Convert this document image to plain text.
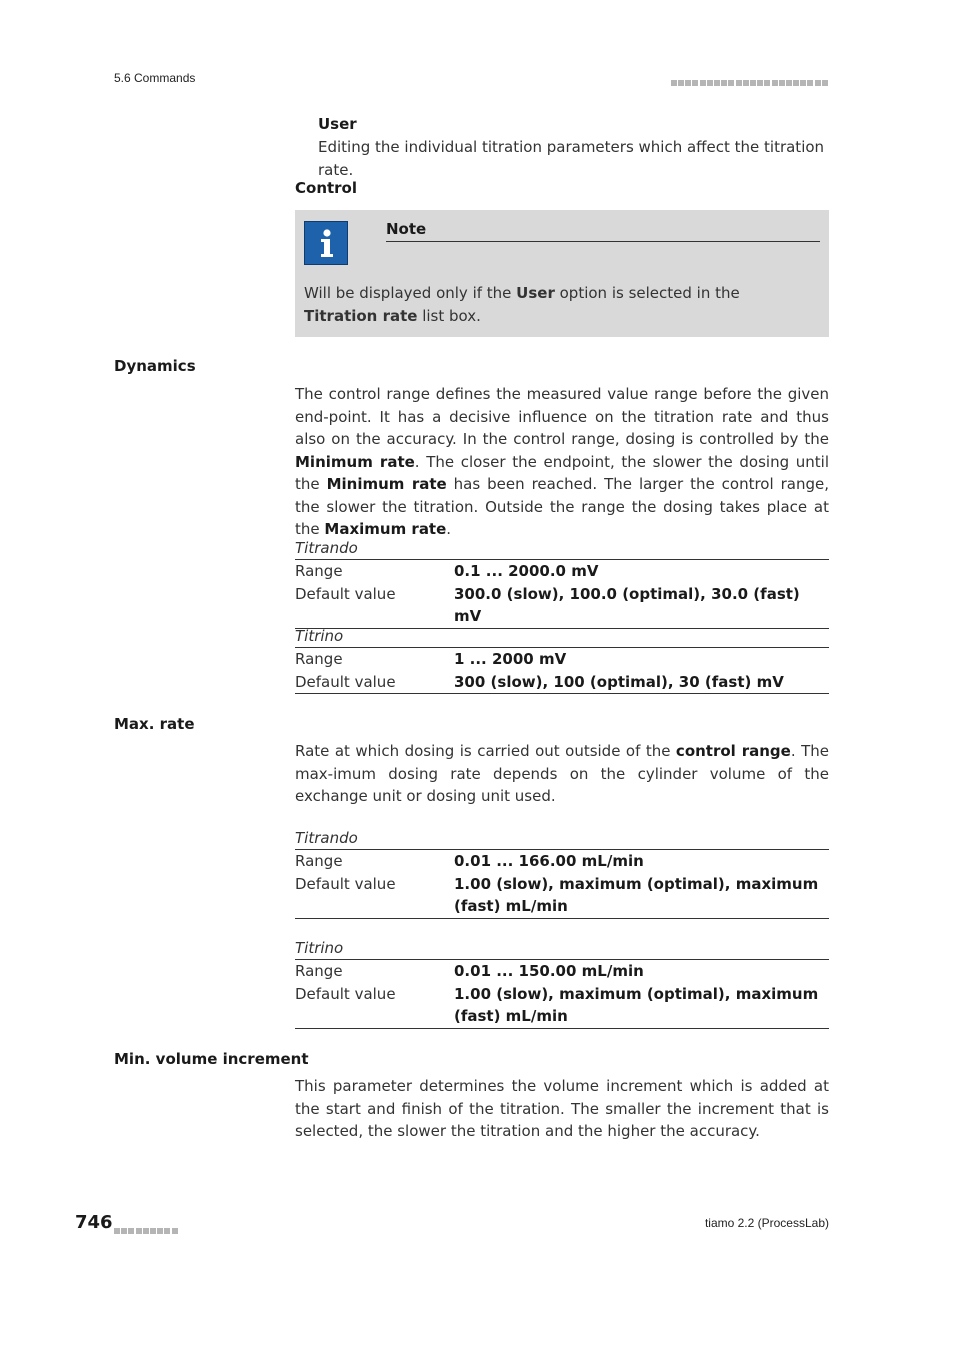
5.6 Commands
User
Editing the individual titration parameters which affect the titration rate.
Control
Note
Will be displayed only if the User option is selected in the Titration rate list box.
Dynamics
The control range defines the measured value range before the given end-point. It has a decisive influence on the titration rate and thus also on the accuracy. In the control range, dosing is controlled by the Minimum rate. The closer the endpoint, the slower the dosing until the Minimum rate has been reached. The larger the control range, the slower the titration. Outside the range the dosing takes place at the Maximum rate.
Titrando
Range	0.1 ... 2000.0 mV
Default value	300.0 (slow), 100.0 (optimal), 30.0 (fast) mV
Titrino
Range	1 ... 2000 mV
Default value	300 (slow), 100 (optimal), 30 (fast) mV
Max. rate
Rate at which dosing is carried out outside of the control range. The max-imum dosing rate depends on the cylinder volume of the exchange unit or dosing unit used.
Titrando
Range	0.01 ... 166.00 mL/min
Default value	1.00 (slow), maximum (optimal), maximum (fast) mL/min
Titrino
Range	0.01 ... 150.00 mL/min
Default value	1.00 (slow), maximum (optimal), maximum (fast) mL/min
Min. volume increment
This parameter determines the volume increment which is added at the start and finish of the titration. The smaller the increment that is selected, the slower the titration and the higher the accuracy.
746	tiamo 2.2 (ProcessLab)
